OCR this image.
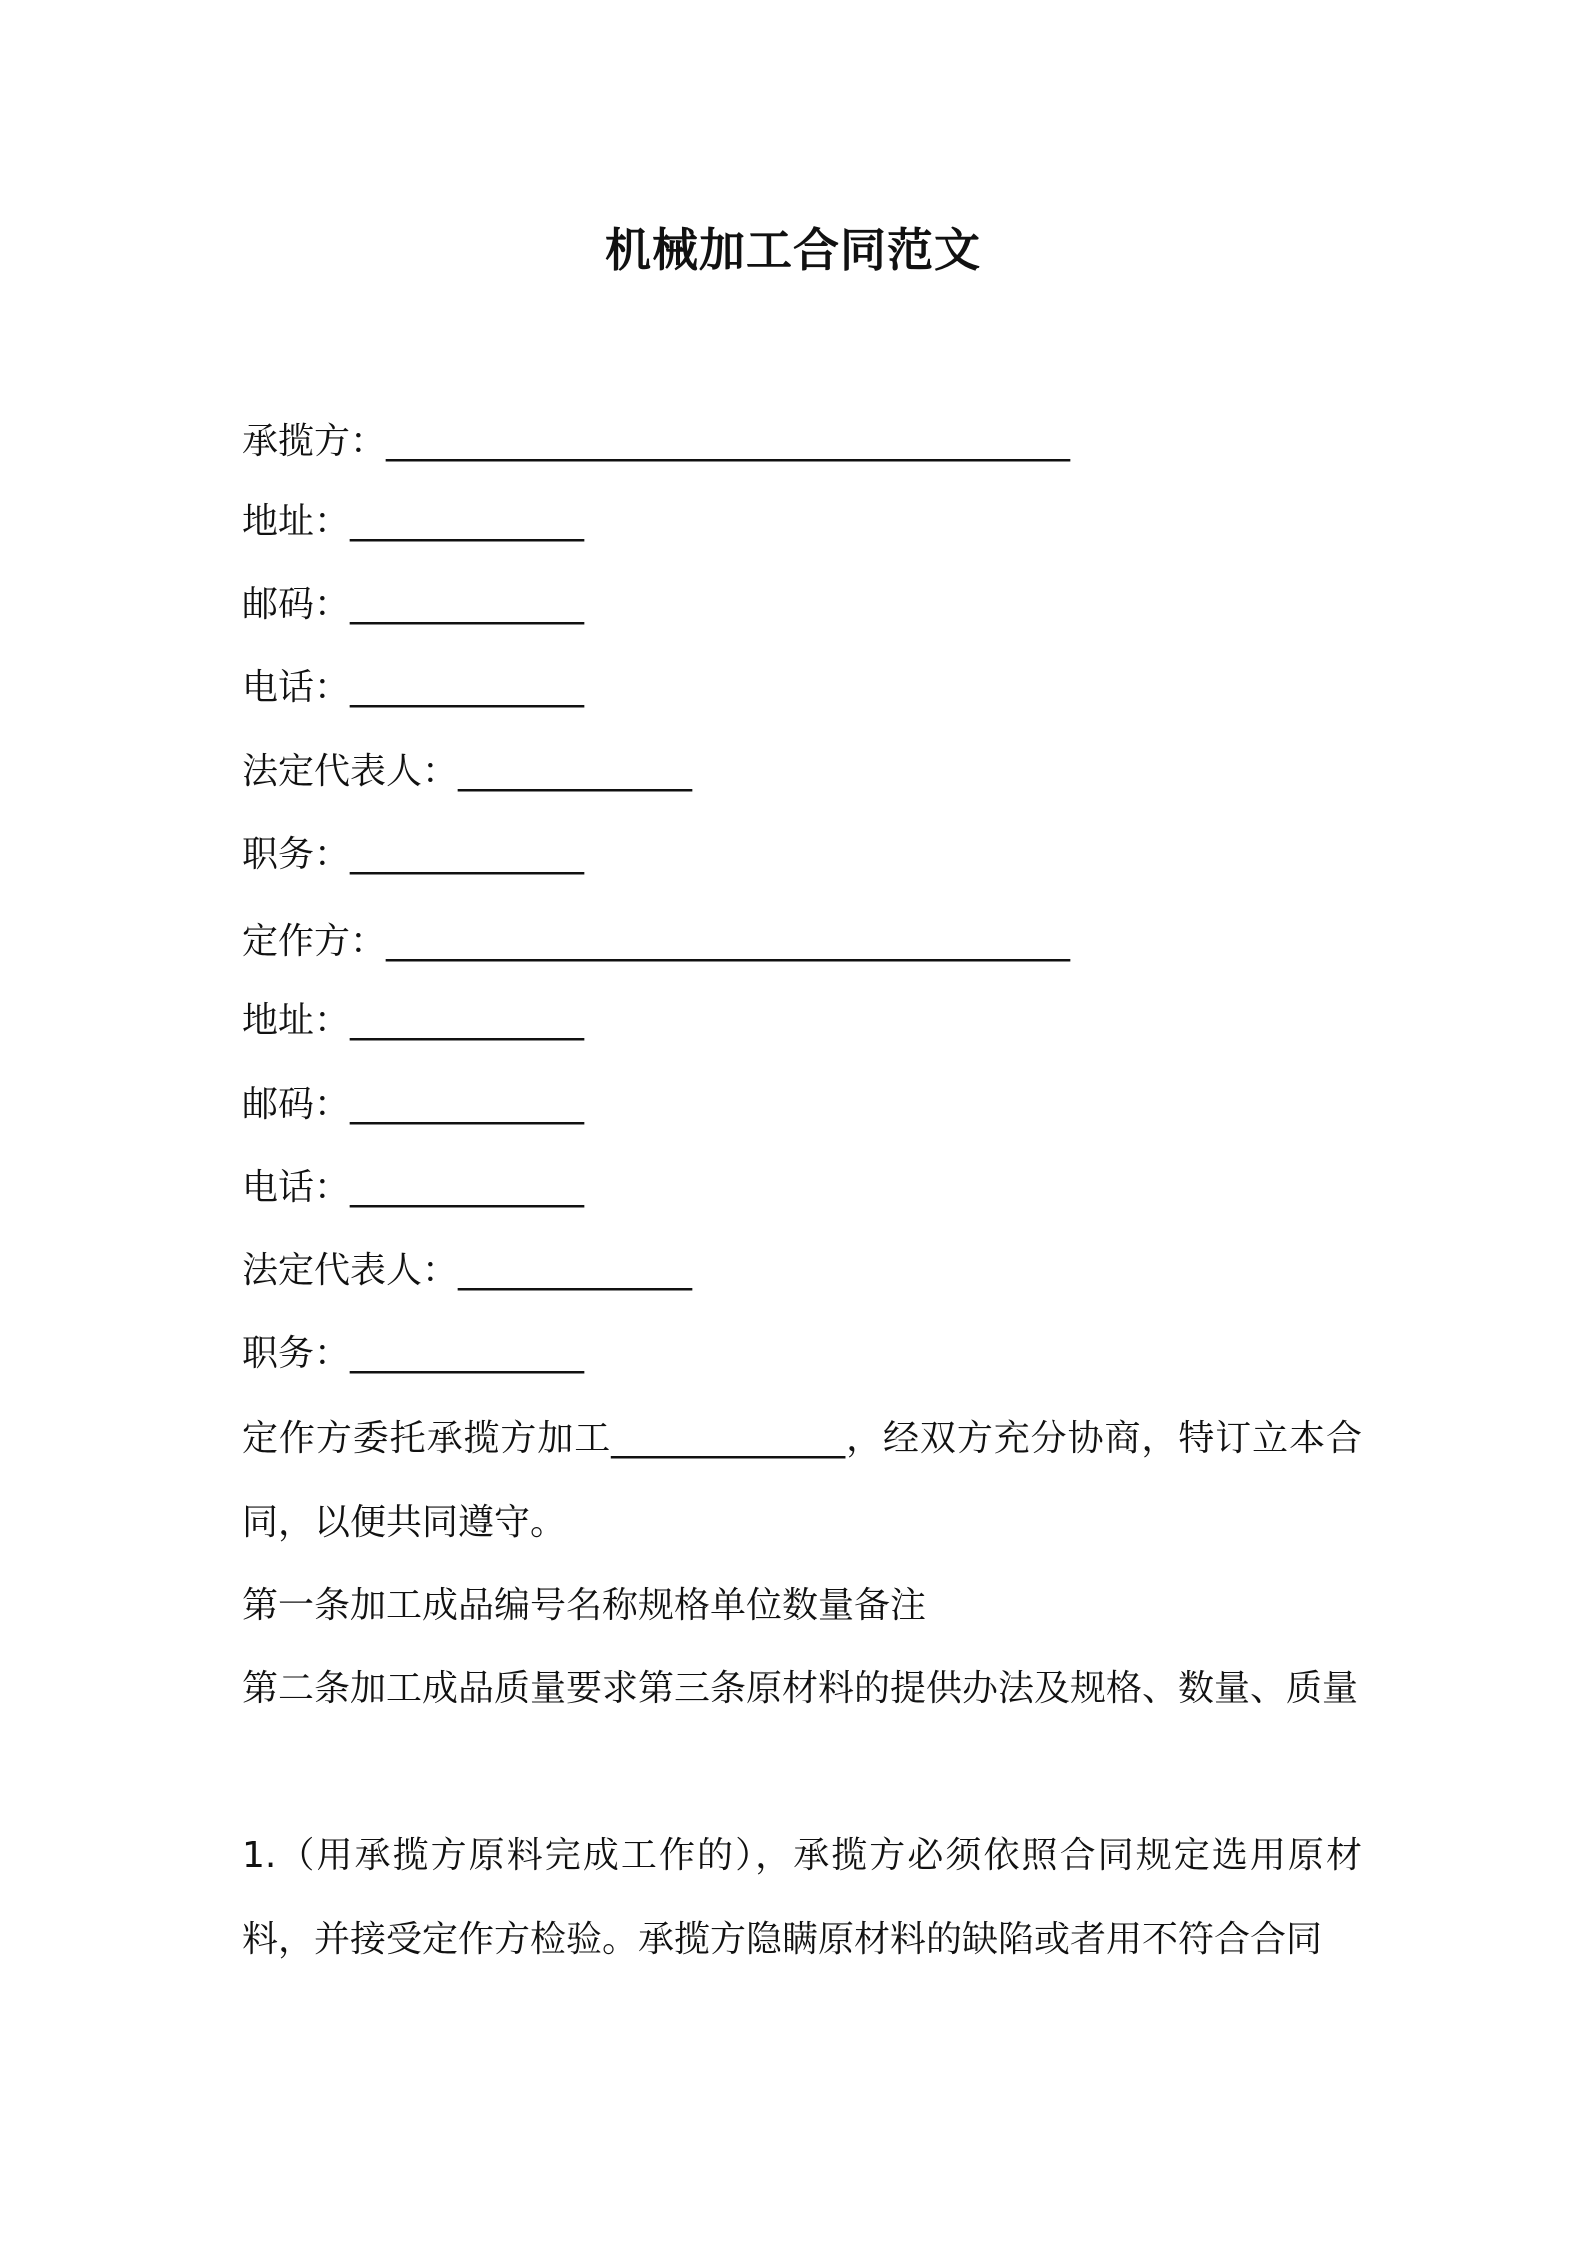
机械加工合同范文
承揽方：______________________________________
地址：_____________
邮码：_____________
电话：_____________
法定代表人：_____________
职务：_____________
定作方：______________________________________
地址：_____________
邮码：_____________
电话：_____________
法定代表人：_____________
职务：_____________
定作方委托承揽方加工_____________，经双方充分协商，特订立本合同，以便共同遵守。
第一条加工成品编号名称规格单位数量备注
第二条加工成品质量要求第三条原材料的提供办法及规格、数量、质量
1.（用承揽方原料完成工作的），承揽方必须依照合同规定选用原材料，并接受定作方检验。承揽方隐瞒原材料的缺陷或者用不符合合同
